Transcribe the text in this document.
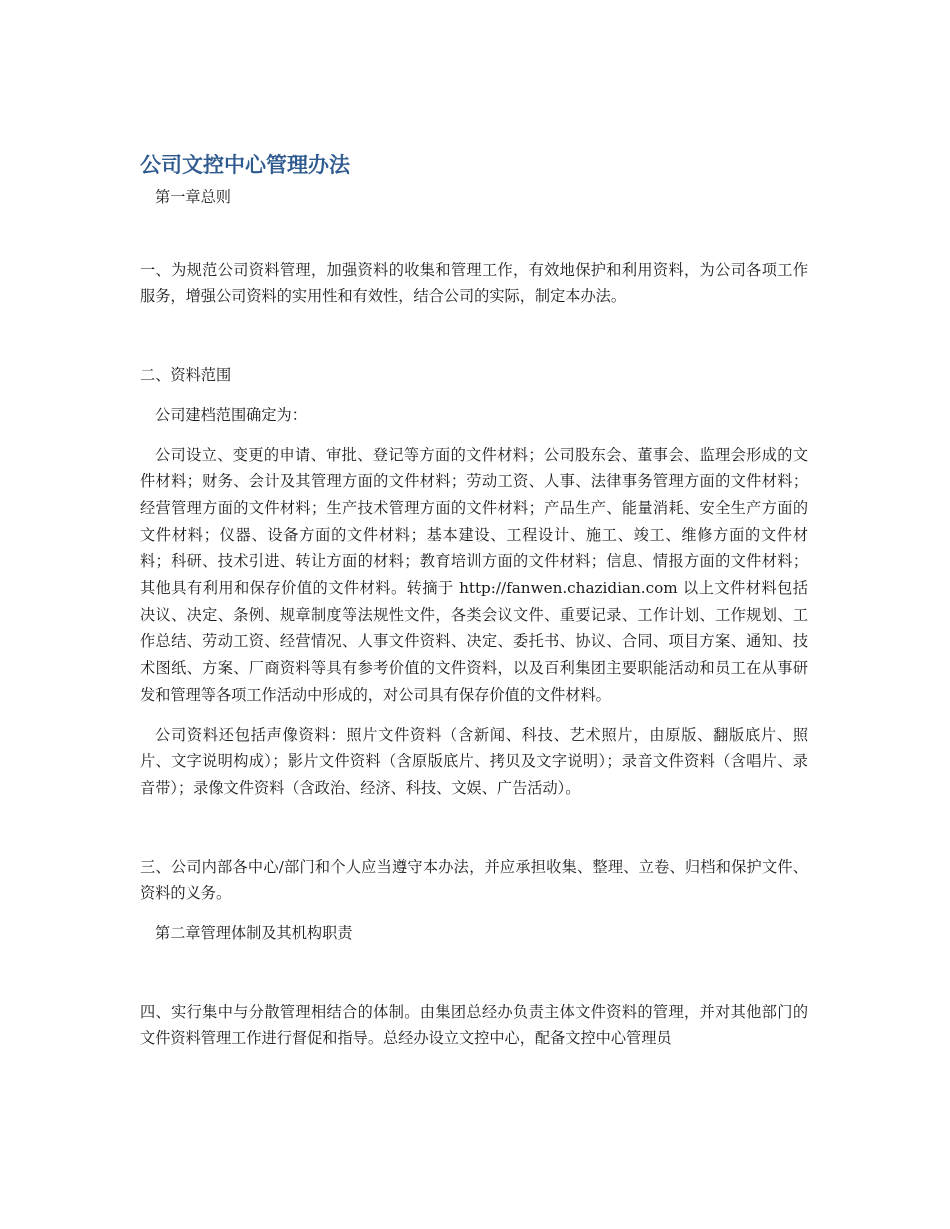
公司文控中心管理办法

第一章总则

一、为规范公司资料管理，加强资料的收集和管理工作，有效地保护和利用资料，为公司各项工作服务，增强公司资料的实用性和有效性，结合公司的实际，制定本办法。

二、资料范围

公司建档范围确定为：

公司设立、变更的申请、审批、登记等方面的文件材料；公司股东会、董事会、监理会形成的文件材料；财务、会计及其管理方面的文件材料；劳动工资、人事、法律事务管理方面的文件材料；经营管理方面的文件材料；生产技术管理方面的文件材料；产品生产、能量消耗、安全生产方面的文件材料；仪器、设备方面的文件材料；基本建设、工程设计、施工、竣工、维修方面的文件材料；科研、技术引进、转让方面的材料；教育培训方面的文件材料；信息、情报方面的文件材料；其他具有利用和保存价值的文件材料。转摘于 http://fanwen.chazidian.com 以上文件材料包括决议、决定、条例、规章制度等法规性文件，各类会议文件、重要记录、工作计划、工作规划、工作总结、劳动工资、经营情况、人事文件资料、决定、委托书、协议、合同、项目方案、通知、技术图纸、方案、厂商资料等具有参考价值的文件资料，以及百利集团主要职能活动和员工在从事研发和管理等各项工作活动中形成的，对公司具有保存价值的文件材料。

公司资料还包括声像资料：照片文件资料（含新闻、科技、艺术照片，由原版、翻版底片、照片、文字说明构成）；影片文件资料（含原版底片、拷贝及文字说明）；录音文件资料（含唱片、录音带）；录像文件资料（含政治、经济、科技、文娱、广告活动）。

三、公司内部各中心/部门和个人应当遵守本办法，并应承担收集、整理、立卷、归档和保护文件、资料的义务。

第二章管理体制及其机构职责

四、实行集中与分散管理相结合的体制。由集团总经办负责主体文件资料的管理，并对其他部门的文件资料管理工作进行督促和指导。总经办设立文控中心，配备文控中心管理员
